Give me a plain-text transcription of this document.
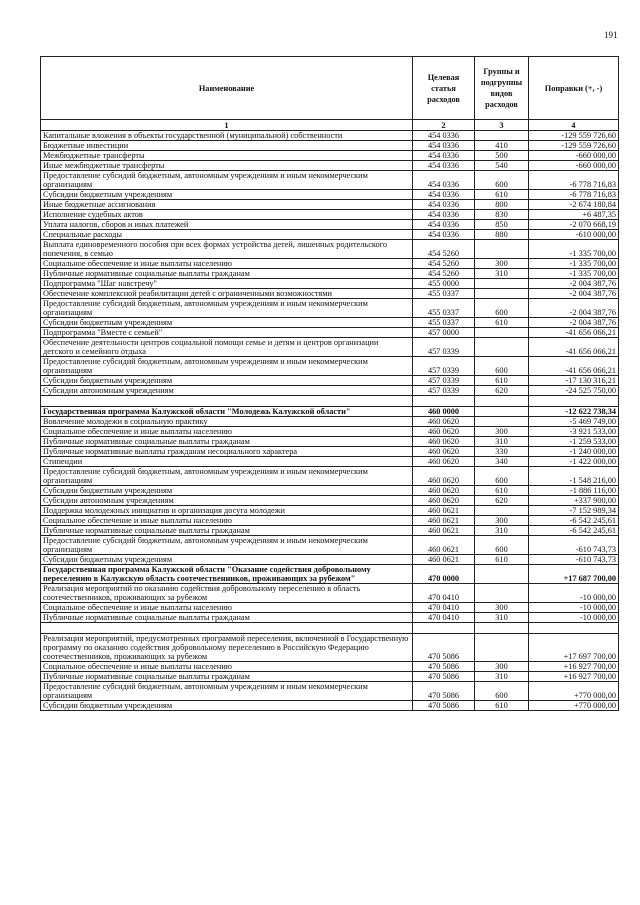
191
Наименование	Целевая статья расходов	Группы и подгруппы видов расходов	Поправки (+, -)
1	2	3	4
Капитальные вложения в объекты государственной (муниципальной) собственности	454 0336		-129 559 726,60
Бюджетные инвестиции	454 0336	410	-129 559 726,60
Межбюджетные трансферты	454 0336	500	-660 000,00
Иные межбюджетные трансферты	454 0336	540	-660 000,00
Предоставление субсидий бюджетным, автономным учреждениям и иным некоммерческим организациям	454 0336	600	-6 778 716,83
Субсидии бюджетным учреждениям	454 0336	610	-6 778 716,83
Иные бюджетные ассигнования	454 0336	800	-2 674 180,84
Исполнение судебных актов	454 0336	830	+6 487,35
Уплата налогов, сборов и иных платежей	454 0336	850	-2 070 668,19
Специальные расходы	454 0336	880	-610 000,00
Выплата единовременного пособия при всех формах устройства детей, лишенных родительского попечения, в семью	454 5260		-1 335 700,00
Социальное обеспечение и иные выплаты населению	454 5260	300	-1 335 700,00
Публичные нормативные социальные выплаты гражданам	454 5260	310	-1 335 700,00
Подпрограмма "Шаг навстречу"	455 0000		-2 004 387,76
Обеспечение комплексной реабилитации детей с ограниченными возможностями	455 0337		-2 004 387,76
Предоставление субсидий бюджетным, автономным учреждениям и иным некоммерческим организациям	455 0337	600	-2 004 387,76
Субсидии бюджетным учреждениям	455 0337	610	-2 004 387,76
Подпрограмма "Вместе с семьей"	457 0000		-41 656 066,21
Обеспечение деятельности центров социальной помощи семье и детям и центров организации детского и семейного отдыха	457 0339		-41 656 066,21
Предоставление субсидий бюджетным, автономным учреждениям и иным некоммерческим организациям	457 0339	600	-41 656 066,21
Субсидии бюджетным учреждениям	457 0339	610	-17 130 316,21
Субсидии автономным учреждениям	457 0339	620	-24 525 750,00

Государственная программа Калужской области "Молодежь Калужской области"	460 0000		-12 622 738,34
Вовлечение молодежи в социальную практику	460 0620		-5 469 749,00
Социальное обеспечение и иные выплаты населению	460 0620	300	-3 921 533,00
Публичные нормативные социальные выплаты гражданам	460 0620	310	-1 259 533,00
Публичные нормативные выплаты гражданам несоциального характера	460 0620	330	-1 240 000,00
Стипендии	460 0620	340	-1 422 000,00
Предоставление субсидий бюджетным, автономным учреждениям и иным некоммерческим организациям	460 0620	600	-1 548 216,00
Субсидии бюджетным учреждениям	460 0620	610	-1 886 116,00
Субсидии автономным учреждениям	460 0620	620	+337 900,00
Поддержка молодежных инициатив и организация досуга молодежи	460 0621		-7 152 989,34
Социальное обеспечение и иные выплаты населению	460 0621	300	-6 542 245,61
Публичные нормативные социальные выплаты гражданам	460 0621	310	-6 542 245,61
Предоставление субсидий бюджетным, автономным учреждениям и иным некоммерческим организациям	460 0621	600	-610 743,73
Субсидии бюджетным учреждениям	460 0621	610	-610 743,73
Государственная программа Калужской области "Оказание содействия добровольному переселению в Калужскую область соотечественников, проживающих за рубежом"	470 0000		+17 687 700,00
Реализация мероприятий по оказанию содействия добровольному переселению в область соотечественников, проживающих за рубежом	470 0410		-10 000,00
Социальное обеспечение и иные выплаты населению	470 0410	300	-10 000,00
Публичные нормативные социальные выплаты гражданам	470 0410	310	-10 000,00

Реализация мероприятий, предусмотренных программой переселения, включенной в Государственную программу по оказанию содействия добровольному переселению в Российскую Федерацию соотечественников, проживающих за рубежом	470 5086		+17 697 700,00
Социальное обеспечение и иные выплаты населению	470 5086	300	+16 927 700,00
Публичные нормативные социальные выплаты гражданам	470 5086	310	+16 927 700,00
Предоставление субсидий бюджетным, автономным учреждениям и иным некоммерческим организациям	470 5086	600	+770 000,00
Субсидии бюджетным учреждениям	470 5086	610	+770 000,00
